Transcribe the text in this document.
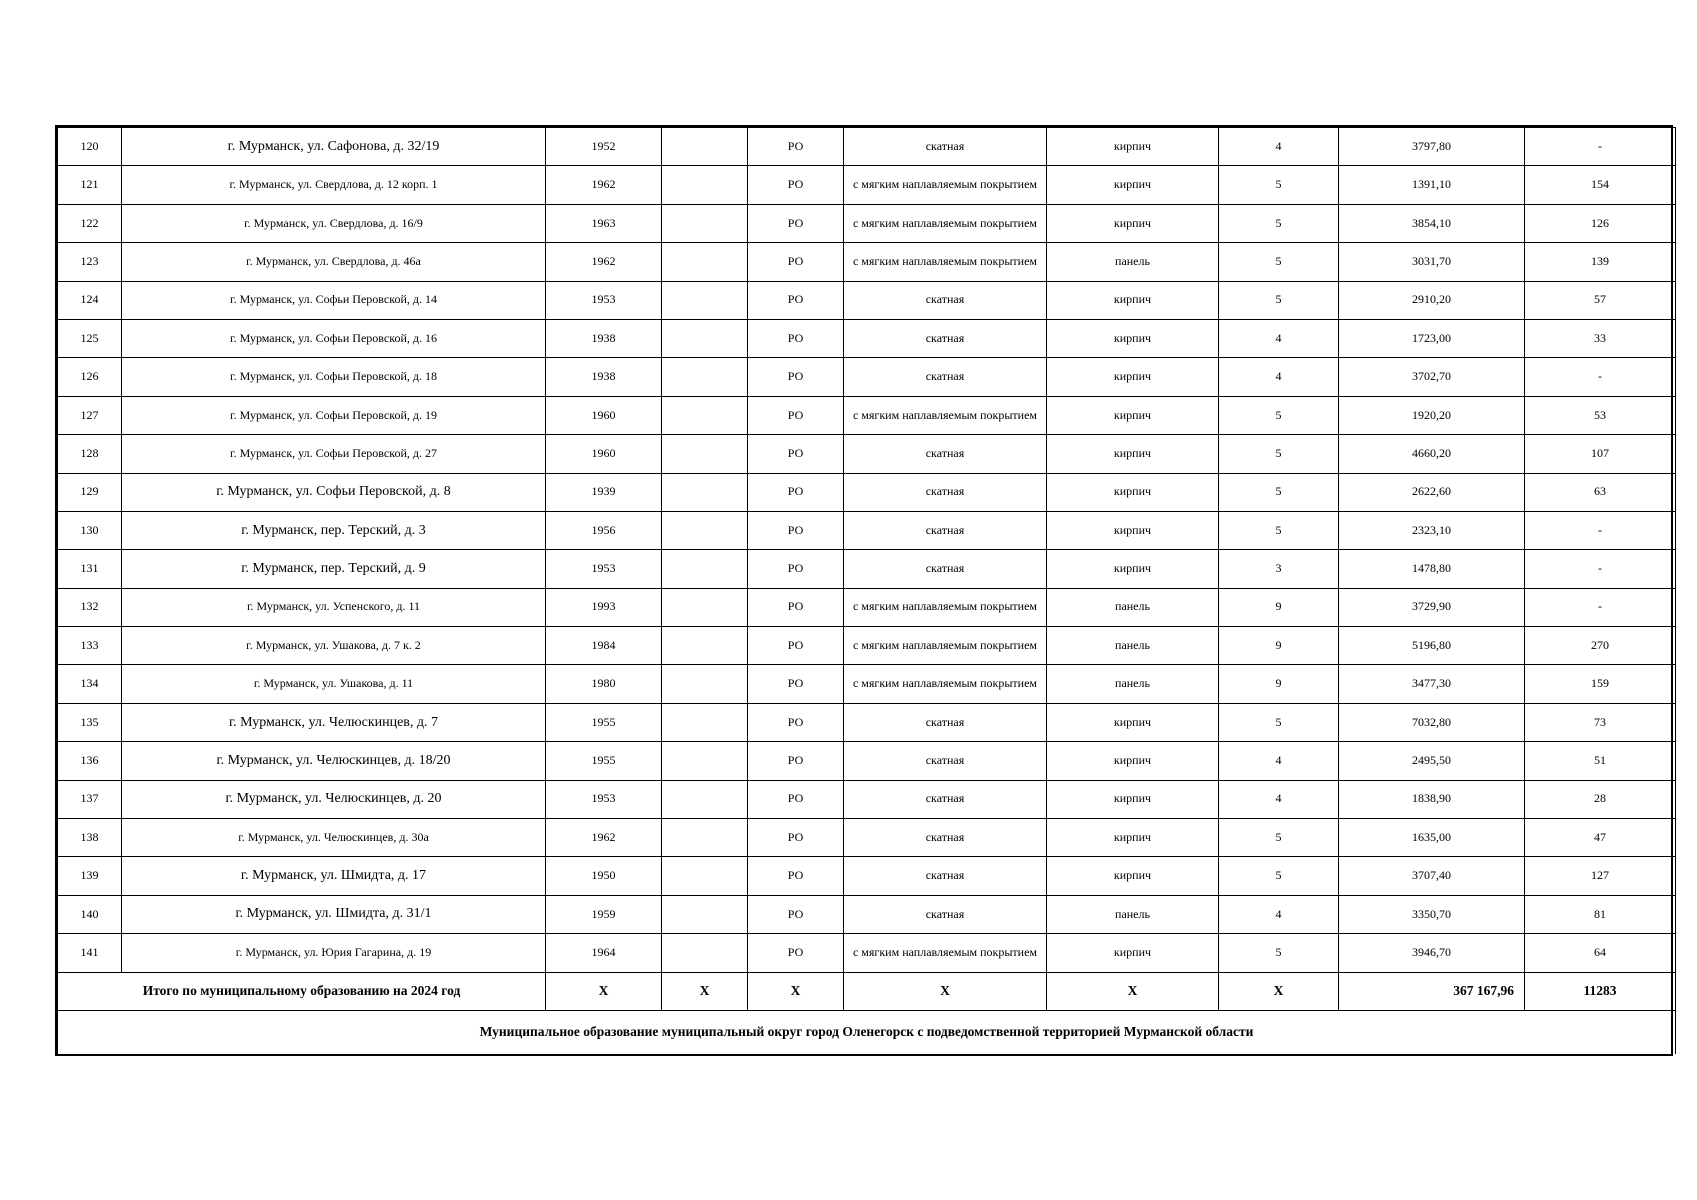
120	г. Мурманск, ул. Сафонова, д. 32/19	1952		РО	скатная	кирпич	4	3797,80	-
121	г. Мурманск, ул. Свердлова, д. 12 корп. 1	1962		РО	с мягким наплавляемым покрытием	кирпич	5	1391,10	154
122	г. Мурманск, ул. Свердлова, д. 16/9	1963		РО	с мягким наплавляемым покрытием	кирпич	5	3854,10	126
123	г. Мурманск, ул. Свердлова, д. 46а	1962		РО	с мягким наплавляемым покрытием	панель	5	3031,70	139
124	г. Мурманск, ул. Софьи Перовской, д. 14	1953		РО	скатная	кирпич	5	2910,20	57
125	г. Мурманск, ул. Софьи Перовской, д. 16	1938		РО	скатная	кирпич	4	1723,00	33
126	г. Мурманск, ул. Софьи Перовской, д. 18	1938		РО	скатная	кирпич	4	3702,70	-
127	г. Мурманск, ул. Софьи Перовской, д. 19	1960		РО	с мягким наплавляемым покрытием	кирпич	5	1920,20	53
128	г. Мурманск, ул. Софьи Перовской, д. 27	1960		РО	скатная	кирпич	5	4660,20	107
129	г. Мурманск, ул. Софьи Перовской, д. 8	1939		РО	скатная	кирпич	5	2622,60	63
130	г. Мурманск, пер. Терский, д. 3	1956		РО	скатная	кирпич	5	2323,10	-
131	г. Мурманск, пер. Терский, д. 9	1953		РО	скатная	кирпич	3	1478,80	-
132	г. Мурманск, ул. Успенского, д. 11	1993		РО	с мягким наплавляемым покрытием	панель	9	3729,90	-
133	г. Мурманск, ул. Ушакова, д. 7 к. 2	1984		РО	с мягким наплавляемым покрытием	панель	9	5196,80	270
134	г. Мурманск, ул. Ушакова, д. 11	1980		РО	с мягким наплавляемым покрытием	панель	9	3477,30	159
135	г. Мурманск, ул. Челюскинцев, д. 7	1955		РО	скатная	кирпич	5	7032,80	73
136	г. Мурманск, ул. Челюскинцев, д. 18/20	1955		РО	скатная	кирпич	4	2495,50	51
137	г. Мурманск, ул. Челюскинцев, д. 20	1953		РО	скатная	кирпич	4	1838,90	28
138	г. Мурманск, ул. Челюскинцев, д. 30а	1962		РО	скатная	кирпич	5	1635,00	47
139	г. Мурманск, ул. Шмидта, д. 17	1950		РО	скатная	кирпич	5	3707,40	127
140	г. Мурманск, ул. Шмидта, д. 31/1	1959		РО	скатная	панель	4	3350,70	81
141	г. Мурманск, ул. Юрия Гагарина, д. 19	1964		РО	с мягким наплавляемым покрытием	кирпич	5	3946,70	64
Итого по муниципальному образованию на 2024 год		X	X	X	X	X	X	367 167,96	11283
Муниципальное образование муниципальный округ город Оленегорск с подведомственной территорией Мурманской области									
